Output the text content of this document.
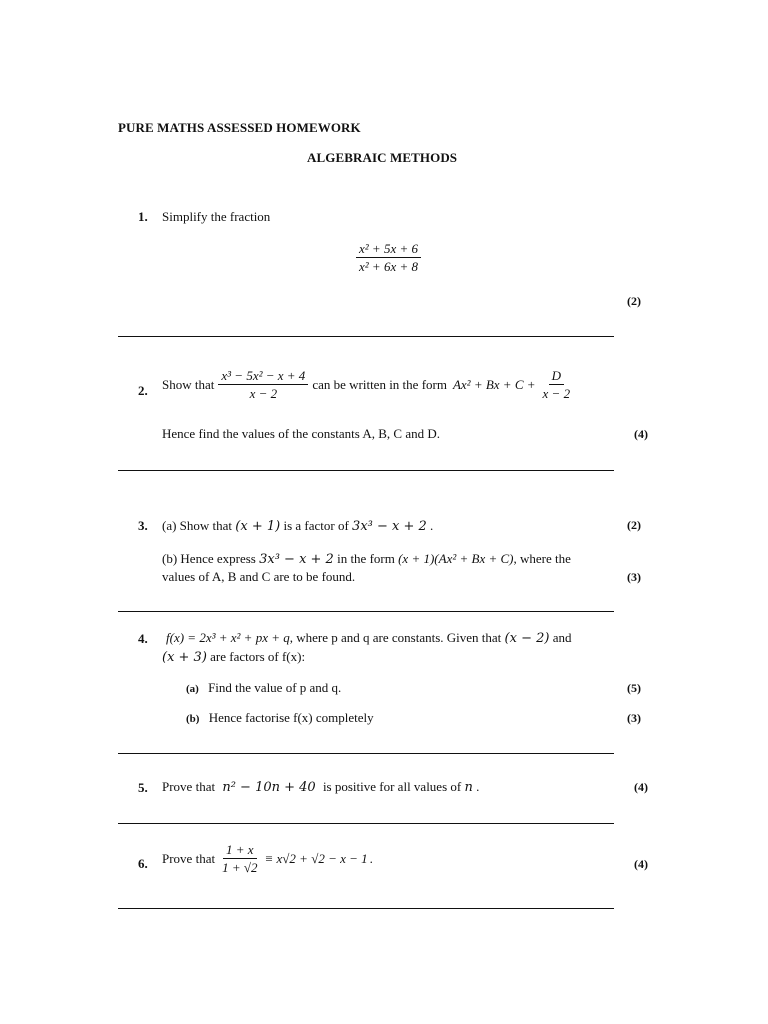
PURE MATHS ASSESSED HOMEWORK
ALGEBRAIC METHODS
1. Simplify the fraction
$\frac{\text{x² + 5x + 6}}{\text{x² + 6x + 8}}$
(2)
2. Show that $\frac{\text{x³ − 5x² − x + 4}}{x - 2}$ can be written in the form $Ax^2 + Bx + C + \frac{D}{x - 2}$
Hence find the values of the constants A, B, C and D.	(4)
3. (a) Show that (x + 1) is a factor of 3x³ − x + 2 .	(2)
(b) Hence express 3x³ − x + 2 in the form (x + 1)(Ax² + Bx + C), where the
values of A, B and C are to be found.	(3)
4. f(x) = 2x³ + x² + px + q, where p and q are constants. Given that (x − 2) and
(x + 3) are factors of f(x):
(a) Find the value of p and q.	(5)
(b) Hence factorise f(x) completely	(3)
5. Prove that n² − 10n + 40 is positive for all values of n .	(4)
6. Prove that $\frac{1 + x}{1 + √2} \equiv x√2 + √2 - x - 1$ .	(4)
